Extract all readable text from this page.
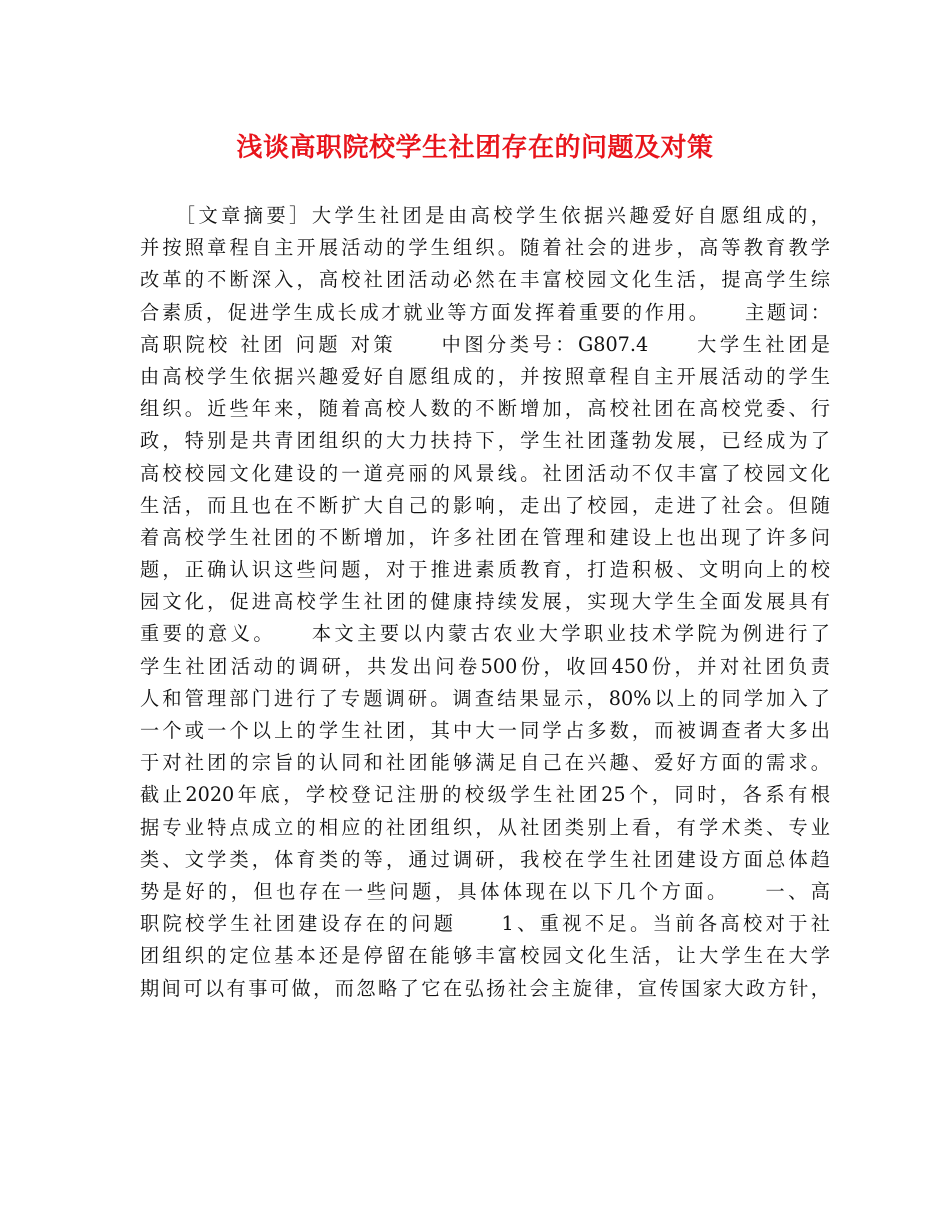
浅谈高职院校学生社团存在的问题及对策
　　［文章摘要］大学生社团是由高校学生依据兴趣爱好自愿组成的，
并按照章程自主开展活动的学生组织。随着社会的进步，高等教育教学
改革的不断深入，高校社团活动必然在丰富校园文化生活，提高学生综
合素质，促进学生成长成才就业等方面发挥着重要的作用。　　主题词：
高职院校 社团 问题 对策　　中图分类号：G807.4　　大学生社团是
由高校学生依据兴趣爱好自愿组成的，并按照章程自主开展活动的学生
组织。近些年来，随着高校人数的不断增加，高校社团在高校党委、行
政，特别是共青团组织的大力扶持下，学生社团蓬勃发展，已经成为了
高校校园文化建设的一道亮丽的风景线。社团活动不仅丰富了校园文化
生活，而且也在不断扩大自己的影响，走出了校园，走进了社会。但随
着高校学生社团的不断增加，许多社团在管理和建设上也出现了许多问
题，正确认识这些问题，对于推进素质教育，打造积极、文明向上的校
园文化，促进高校学生社团的健康持续发展，实现大学生全面发展具有
重要的意义。　　本文主要以内蒙古农业大学职业技术学院为例进行了
学生社团活动的调研，共发出问卷500份，收回450份，并对社团负责
人和管理部门进行了专题调研。调查结果显示，80%以上的同学加入了
一个或一个以上的学生社团，其中大一同学占多数，而被调查者大多出
于对社团的宗旨的认同和社团能够满足自己在兴趣、爱好方面的需求。
截止2020年底，学校登记注册的校级学生社团25个，同时，各系有根
据专业特点成立的相应的社团组织，从社团类别上看，有学术类、专业
类、文学类，体育类的等，通过调研，我校在学生社团建设方面总体趋
势是好的，但也存在一些问题，具体体现在以下几个方面。　　一、高
职院校学生社团建设存在的问题　　1、重视不足。当前各高校对于社
团组织的定位基本还是停留在能够丰富校园文化生活，让大学生在大学
期间可以有事可做，而忽略了它在弘扬社会主旋律，宣传国家大政方针，
